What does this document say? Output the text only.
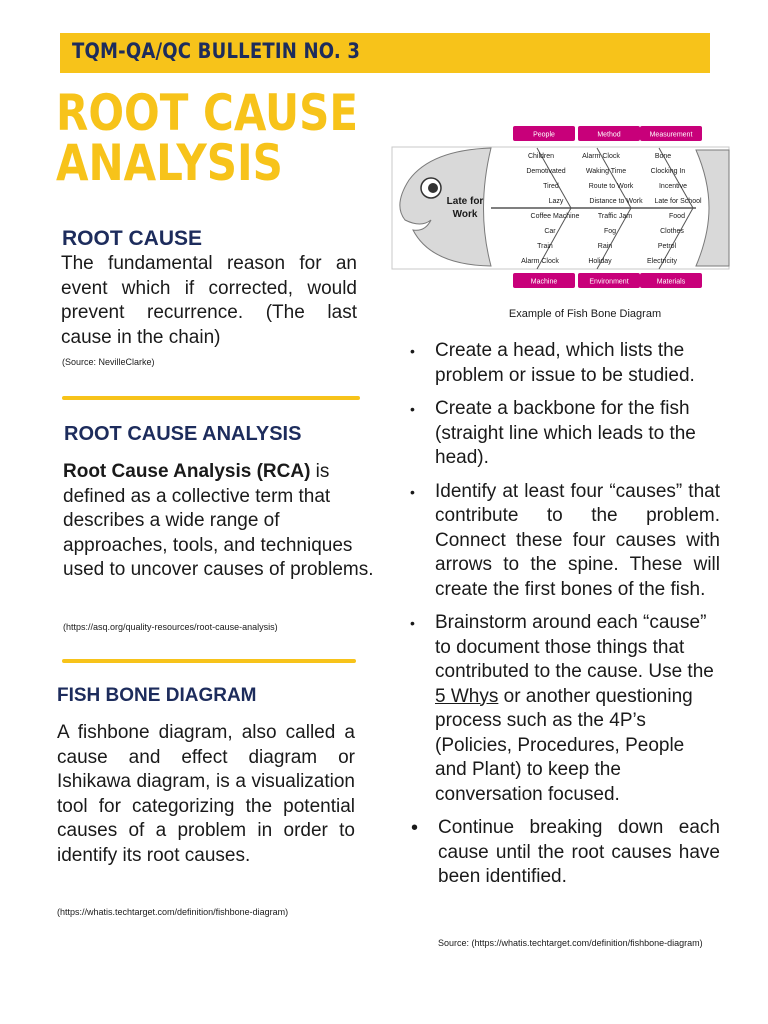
TQM-QA/QC BULLETIN NO. 3
ROOT CAUSE
ANALYSIS
ROOT CAUSE
The fundamental reason for an event which if corrected, would prevent recurrence. (The last cause in the chain)
(Source: NevilleClarke)
ROOT CAUSE ANALYSIS
Root Cause Analysis (RCA) is defined as a collective term that describes a wide range of approaches, tools, and techniques used to uncover causes of problems.
(https://asq.org/quality-resources/root-cause-analysis)
FISH BONE DIAGRAM
A fishbone diagram, also called a cause and effect diagram or Ishikawa diagram, is a visualization tool for categorizing the potential causes of a problem in order to identify its root causes.
(https://whatis.techtarget.com/definition/fishbone-diagram)
Late for
Work
People	Method	Measurement
Machine	Environment	Materials
Children
Demotivated
Tired
Lazy
Alarm Clock
Waking Time
Route to Work
Distance to Work
Bone
Clocking In
Incentive
Late for School
Coffee Machine
Car
Train
Alarm Clock
Traffic Jam
Fog
Rain
Holiday
Food
Clothes
Petrol
Electricity
Example of Fish Bone Diagram
• Create a head, which lists the problem or issue to be studied.
• Create a backbone for the fish (straight line which leads to the head).
• Identify at least four “causes” that contribute to the problem. Connect these four causes with arrows to the spine. These will create the first bones of the fish.
• Brainstorm around each “cause” to document those things that contributed to the cause. Use the 5 Whys or another questioning process such as the 4P’s (Policies, Procedures, People and Plant) to keep the conversation focused.
• Continue breaking down each cause until the root causes have been identified.
Source: (https://whatis.techtarget.com/definition/fishbone-diagram)
